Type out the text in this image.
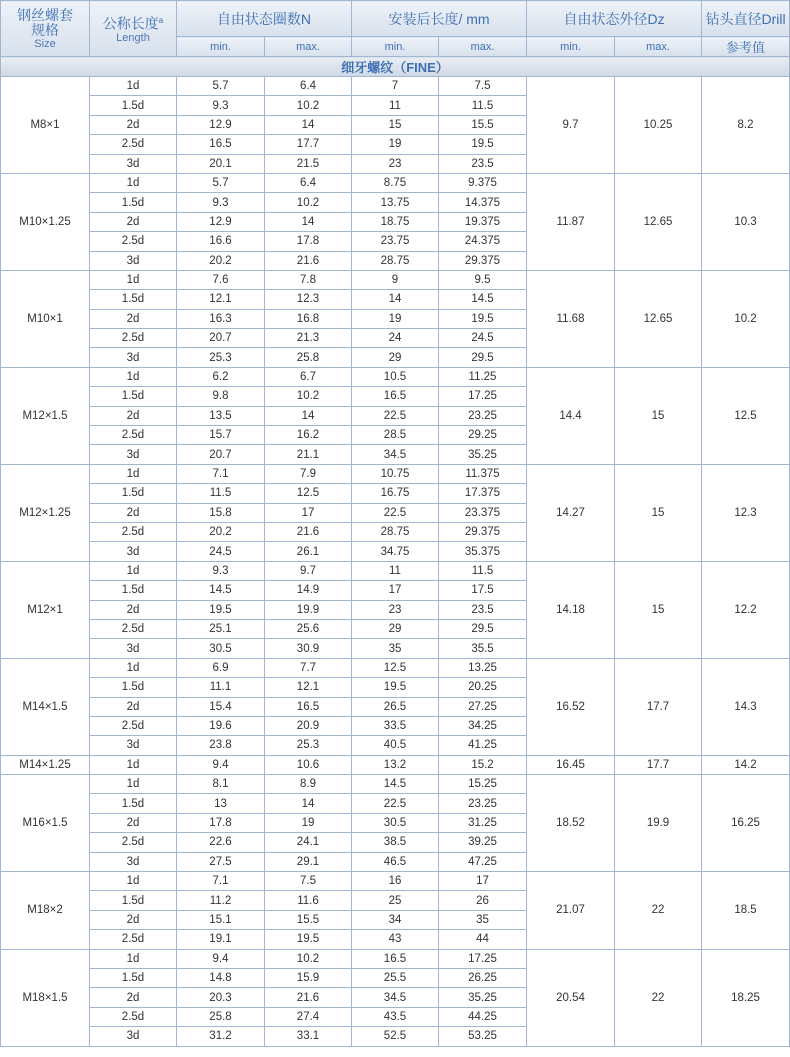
钢丝螺套
规格
Size	公称长度$^a$
Length	自由状态圈数N		安装后长度/ mm		自由状态外径Dz		钻头直径Drill
		min.	max.	min.	max.	min.	max.	参考值
细牙螺纹（FINE）								
M8×1	1d	5.7	6.4	7	7.5	9.7	10.25	8.2
	1.5d	9.3	10.2	11	11.5			
	2d	12.9	14	15	15.5			
	2.5d	16.5	17.7	19	19.5			
	3d	20.1	21.5	23	23.5			
M10×1.25	1d	5.7	6.4	8.75	9.375	11.87	12.65	10.3
	1.5d	9.3	10.2	13.75	14.375			
	2d	12.9	14	18.75	19.375			
	2.5d	16.6	17.8	23.75	24.375			
	3d	20.2	21.6	28.75	29.375			
M10×1	1d	7.6	7.8	9	9.5	11.68	12.65	10.2
	1.5d	12.1	12.3	14	14.5			
	2d	16.3	16.8	19	19.5			
	2.5d	20.7	21.3	24	24.5			
	3d	25.3	25.8	29	29.5			
M12×1.5	1d	6.2	6.7	10.5	11.25	14.4	15	12.5
	1.5d	9.8	10.2	16.5	17.25			
	2d	13.5	14	22.5	23.25			
	2.5d	15.7	16.2	28.5	29.25			
	3d	20.7	21.1	34.5	35.25			
M12×1.25	1d	7.1	7.9	10.75	11.375	14.27	15	12.3
	1.5d	11.5	12.5	16.75	17.375			
	2d	15.8	17	22.5	23.375			
	2.5d	20.2	21.6	28.75	29.375			
	3d	24.5	26.1	34.75	35.375			
M12×1	1d	9.3	9.7	11	11.5	14.18	15	12.2
	1.5d	14.5	14.9	17	17.5			
	2d	19.5	19.9	23	23.5			
	2.5d	25.1	25.6	29	29.5			
	3d	30.5	30.9	35	35.5			
M14×1.5	1d	6.9	7.7	12.5	13.25	16.52	17.7	14.3
	1.5d	11.1	12.1	19.5	20.25			
	2d	15.4	16.5	26.5	27.25			
	2.5d	19.6	20.9	33.5	34.25			
	3d	23.8	25.3	40.5	41.25			
M14×1.25	1d	9.4	10.6	13.2	15.2	16.45	17.7	14.2
M16×1.5	1d	8.1	8.9	14.5	15.25	18.52	19.9	16.25
	1.5d	13	14	22.5	23.25			
	2d	17.8	19	30.5	31.25			
	2.5d	22.6	24.1	38.5	39.25			
	3d	27.5	29.1	46.5	47.25			
M18×2	1d	7.1	7.5	16	17	21.07	22	18.5
	1.5d	11.2	11.6	25	26			
	2d	15.1	15.5	34	35			
	2.5d	19.1	19.5	43	44			
M18×1.5	1d	9.4	10.2	16.5	17.25	20.54	22	18.25
	1.5d	14.8	15.9	25.5	26.25			
	2d	20.3	21.6	34.5	35.25			
	2.5d	25.8	27.4	43.5	44.25			
	3d	31.2	33.1	52.5	53.25			
